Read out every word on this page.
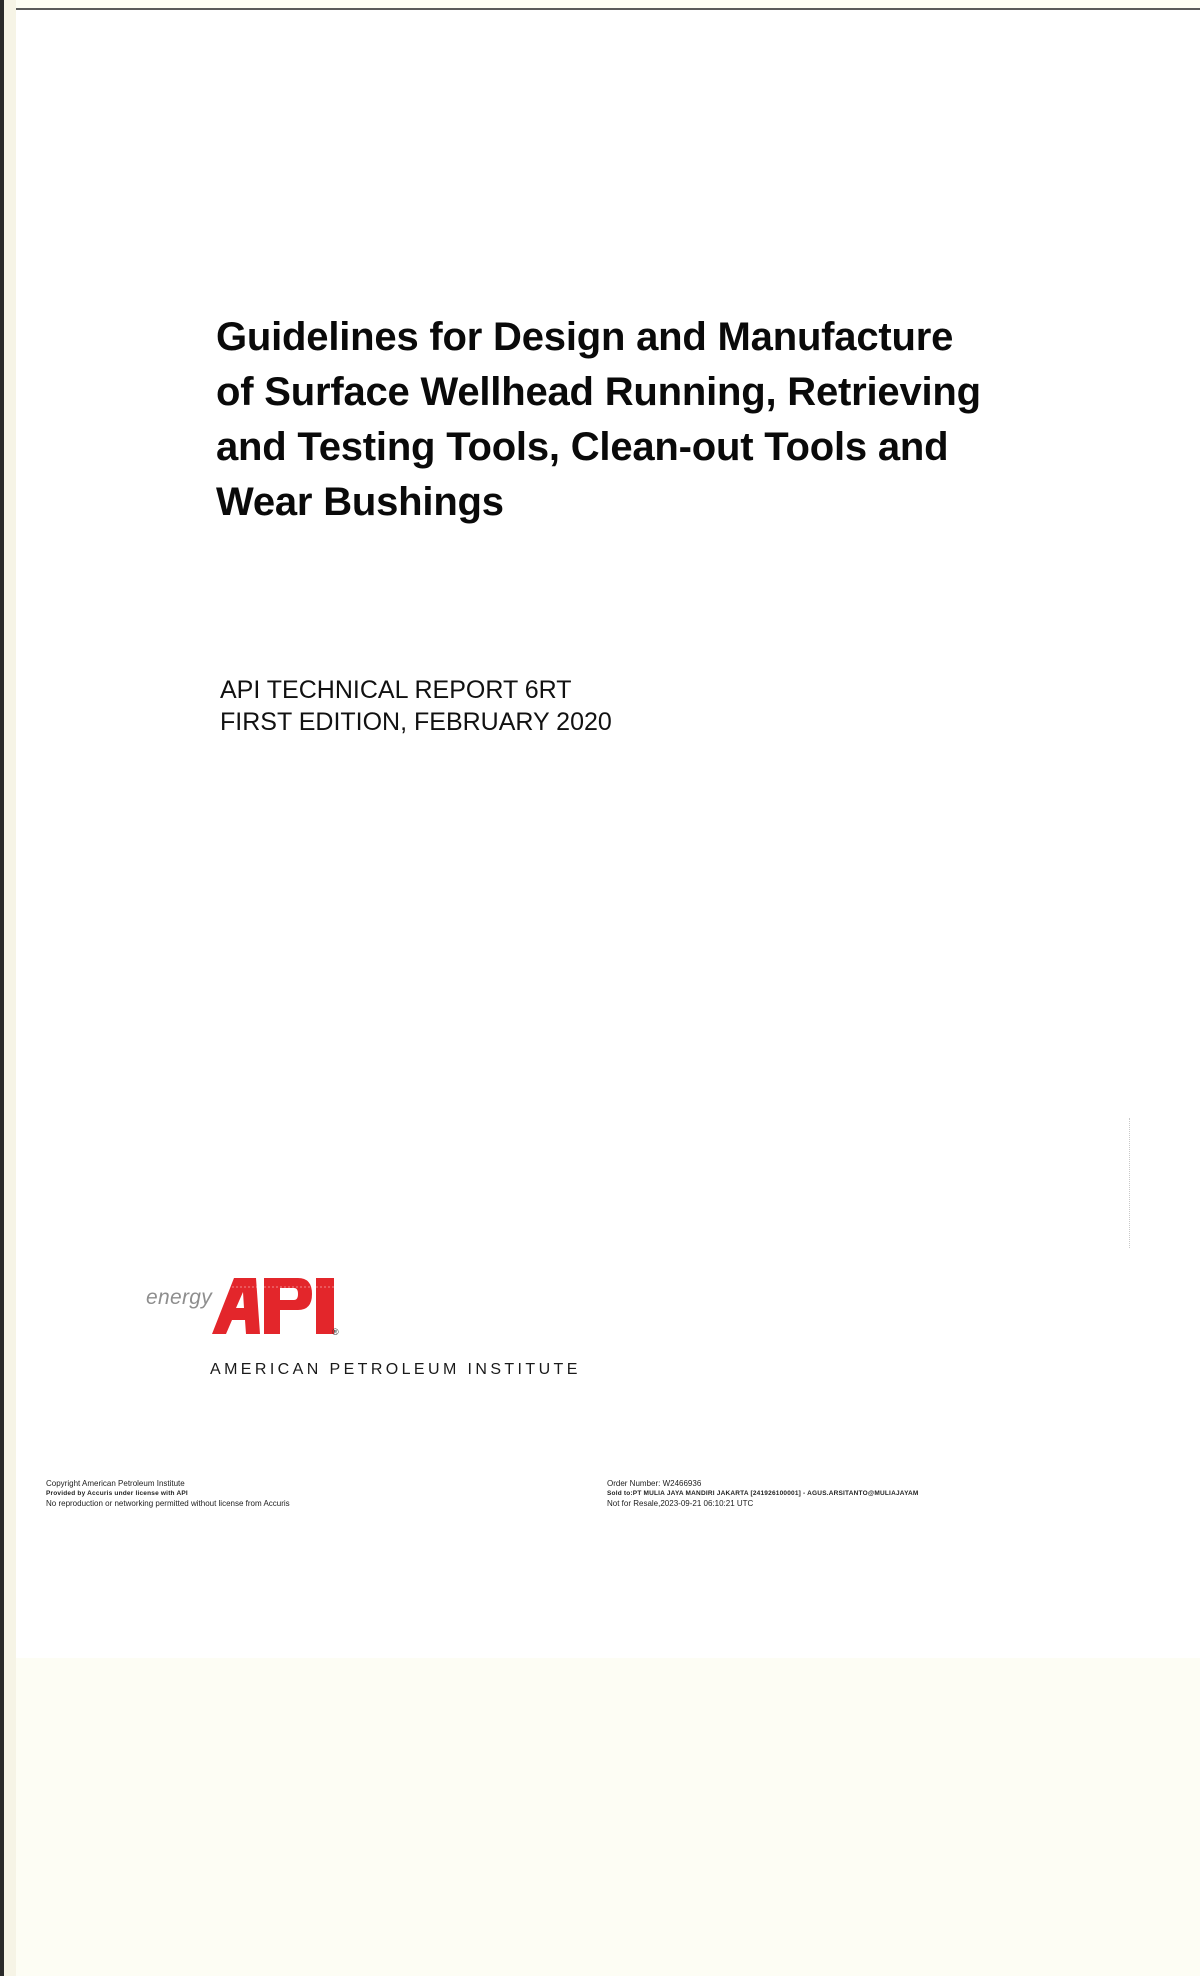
Guidelines for Design and Manufacture
of Surface Wellhead Running, Retrieving
and Testing Tools, Clean-out Tools and
Wear Bushings
API TECHNICAL REPORT 6RT
FIRST EDITION, FEBRUARY 2020
energy
®
AMERICAN PETROLEUM INSTITUTE
Copyright American Petroleum Institute
Provided by Accuris under license with API
No reproduction or networking permitted without license from Accuris
Order Number: W2466936
Sold to:PT MULIA JAYA MANDIRI JAKARTA [241926100001] - AGUS.ARSITANTO@MULIAJAYAM
Not for Resale,2023-09-21 06:10:21 UTC
